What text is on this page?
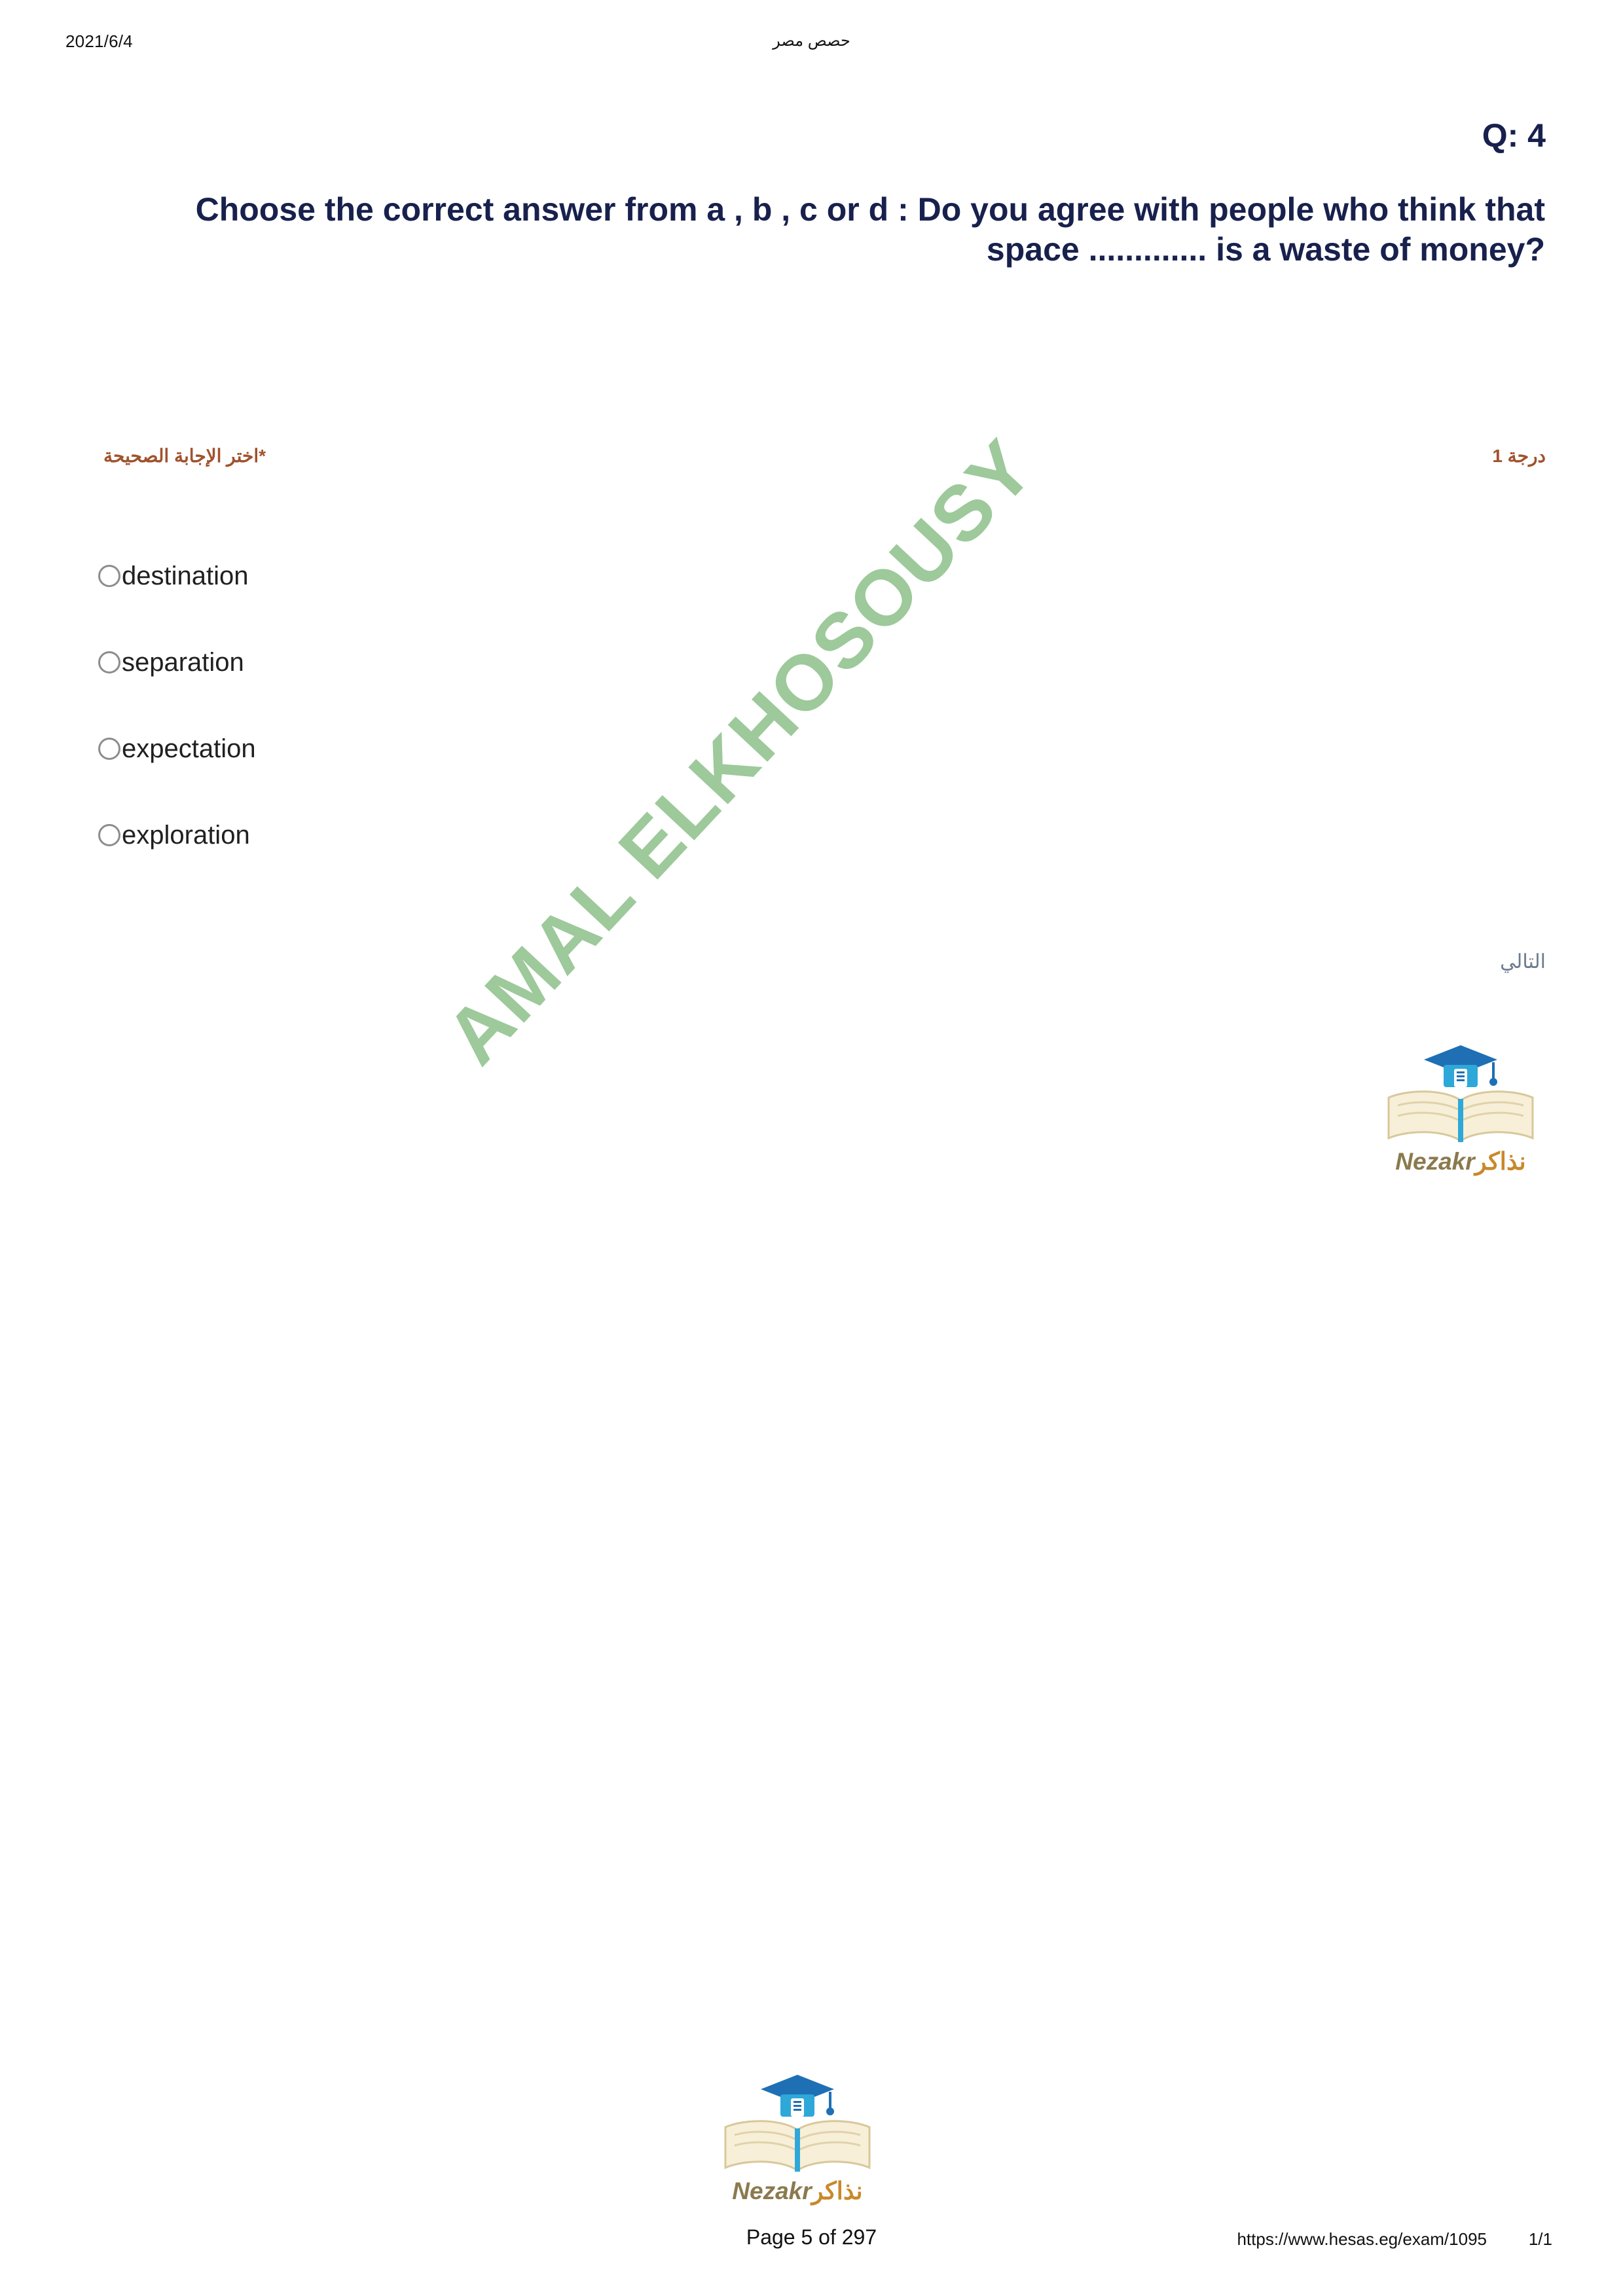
2021/6/4	حصص مصر
Q: 4
Choose the correct answer from a , b , c or d : Do you agree with people who think that space ............. is a waste of money?
درجة 1
*اختر الإجابة الصحيحة
destination
separation
expectation
exploration
التالي
AMAL ELKHOSOUSY
Nezakrنذاكر
Nezakrنذاكر
Page 5 of 297	https://www.hesas.eg/exam/1095 1/1
